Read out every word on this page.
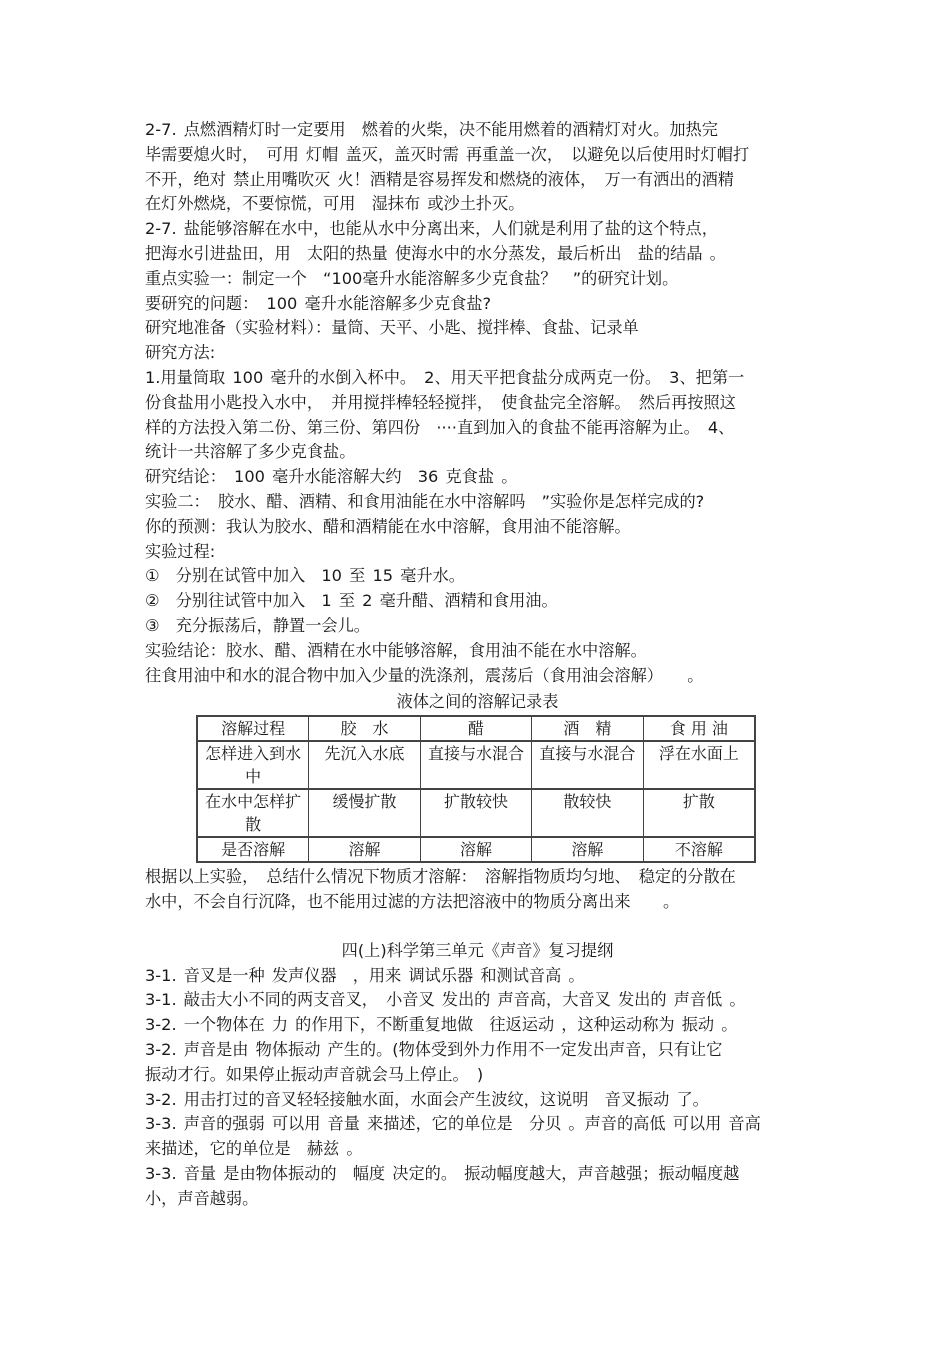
2-7. 点燃酒精灯时一定要用　燃着的火柴，决不能用燃着的酒精灯对火。加热完
毕需要熄火时，　可用 灯帽 盖灭，盖灭时需 再重盖一次，　以避免以后使用时灯帽打
不开，绝对 禁止用嘴吹灭 火！酒精是容易挥发和燃烧的液体，　万一有洒出的酒精
在灯外燃烧，不要惊慌，可用　湿抹布 或沙土扑灭。
2-7. 盐能够溶解在水中，也能从水中分离出来，人们就是利用了盐的这个特点，
把海水引进盐田，用　太阳的热量 使海水中的水分蒸发，最后析出　盐的结晶 。
重点实验一：制定一个　“100毫升水能溶解多少克食盐？　”的研究计划。
要研究的问题：　100 毫升水能溶解多少克食盐?
研究地准备（实验材料）：量筒、天平、小匙、搅拌棒、食盐、记录单
研究方法:
1.用量筒取 100 毫升的水倒入杯中。　2、用天平把食盐分成两克一份。　3、把第一
份食盐用小匙投入水中，　并用搅拌棒轻轻搅拌，　使食盐完全溶解。　然后再按照这
样的方法投入第二份、第三份、第四份　····直到加入的食盐不能再溶解为止。　4、
统计一共溶解了多少克食盐。
研究结论：　100 毫升水能溶解大约　36 克食盐 。
实验二：　胶水、醋、酒精、和食用油能在水中溶解吗　”实验你是怎样完成的?
你的预测：我认为胶水、醋和酒精能在水中溶解，食用油不能溶解。
实验过程:
①　分别在试管中加入　10 至 15 毫升水。
②　分别往试管中加入　1 至 2 毫升醋、酒精和食用油。
③　充分振荡后，静置一会儿。
实验结论：胶水、醋、酒精在水中能够溶解，食用油不能在水中溶解。
往食用油中和水的混合物中加入少量的洗涤剂，震荡后（食用油会溶解）　　。
液体之间的溶解记录表
溶解过程	胶　水	醋	酒　精	食 用 油
怎样进入到水中	先沉入水底	直接与水混合	直接与水混合	浮在水面上
在水中怎样扩散	缓慢扩散	扩散较快	散较快	扩散
是否溶解	溶解	溶解	溶解	不溶解
根据以上实验，　总结什么情况下物质才溶解：　溶解指物质均匀地、　稳定的分散在
水中，不会自行沉降，也不能用过滤的方法把溶液中的物质分离出来　　。
四(上)科学第三单元《声音》复习提纲
3-1. 音叉是一种 发声仪器　，用来 调试乐器 和测试音高 。
3-1. 敲击大小不同的两支音叉，　小音叉 发出的 声音高，大音叉 发出的 声音低 。
3-2. 一个物体在 力 的作用下，不断重复地做　往返运动 ，这种运动称为 振动 。
3-2. 声音是由 物体振动 产生的。(物体受到外力作用不一定发出声音，只有让它
振动才行。如果停止振动声音就会马上停止。　)
3-2. 用击打过的音叉轻轻接触水面，水面会产生波纹，这说明　音叉振动 了。
3-3. 声音的强弱 可以用 音量 来描述，它的单位是　分贝 。声音的高低 可以用 音高
来描述，它的单位是　赫兹 。
3-3. 音量 是由物体振动的　幅度 决定的。 振动幅度越大，声音越强；振动幅度越
小，声音越弱。
